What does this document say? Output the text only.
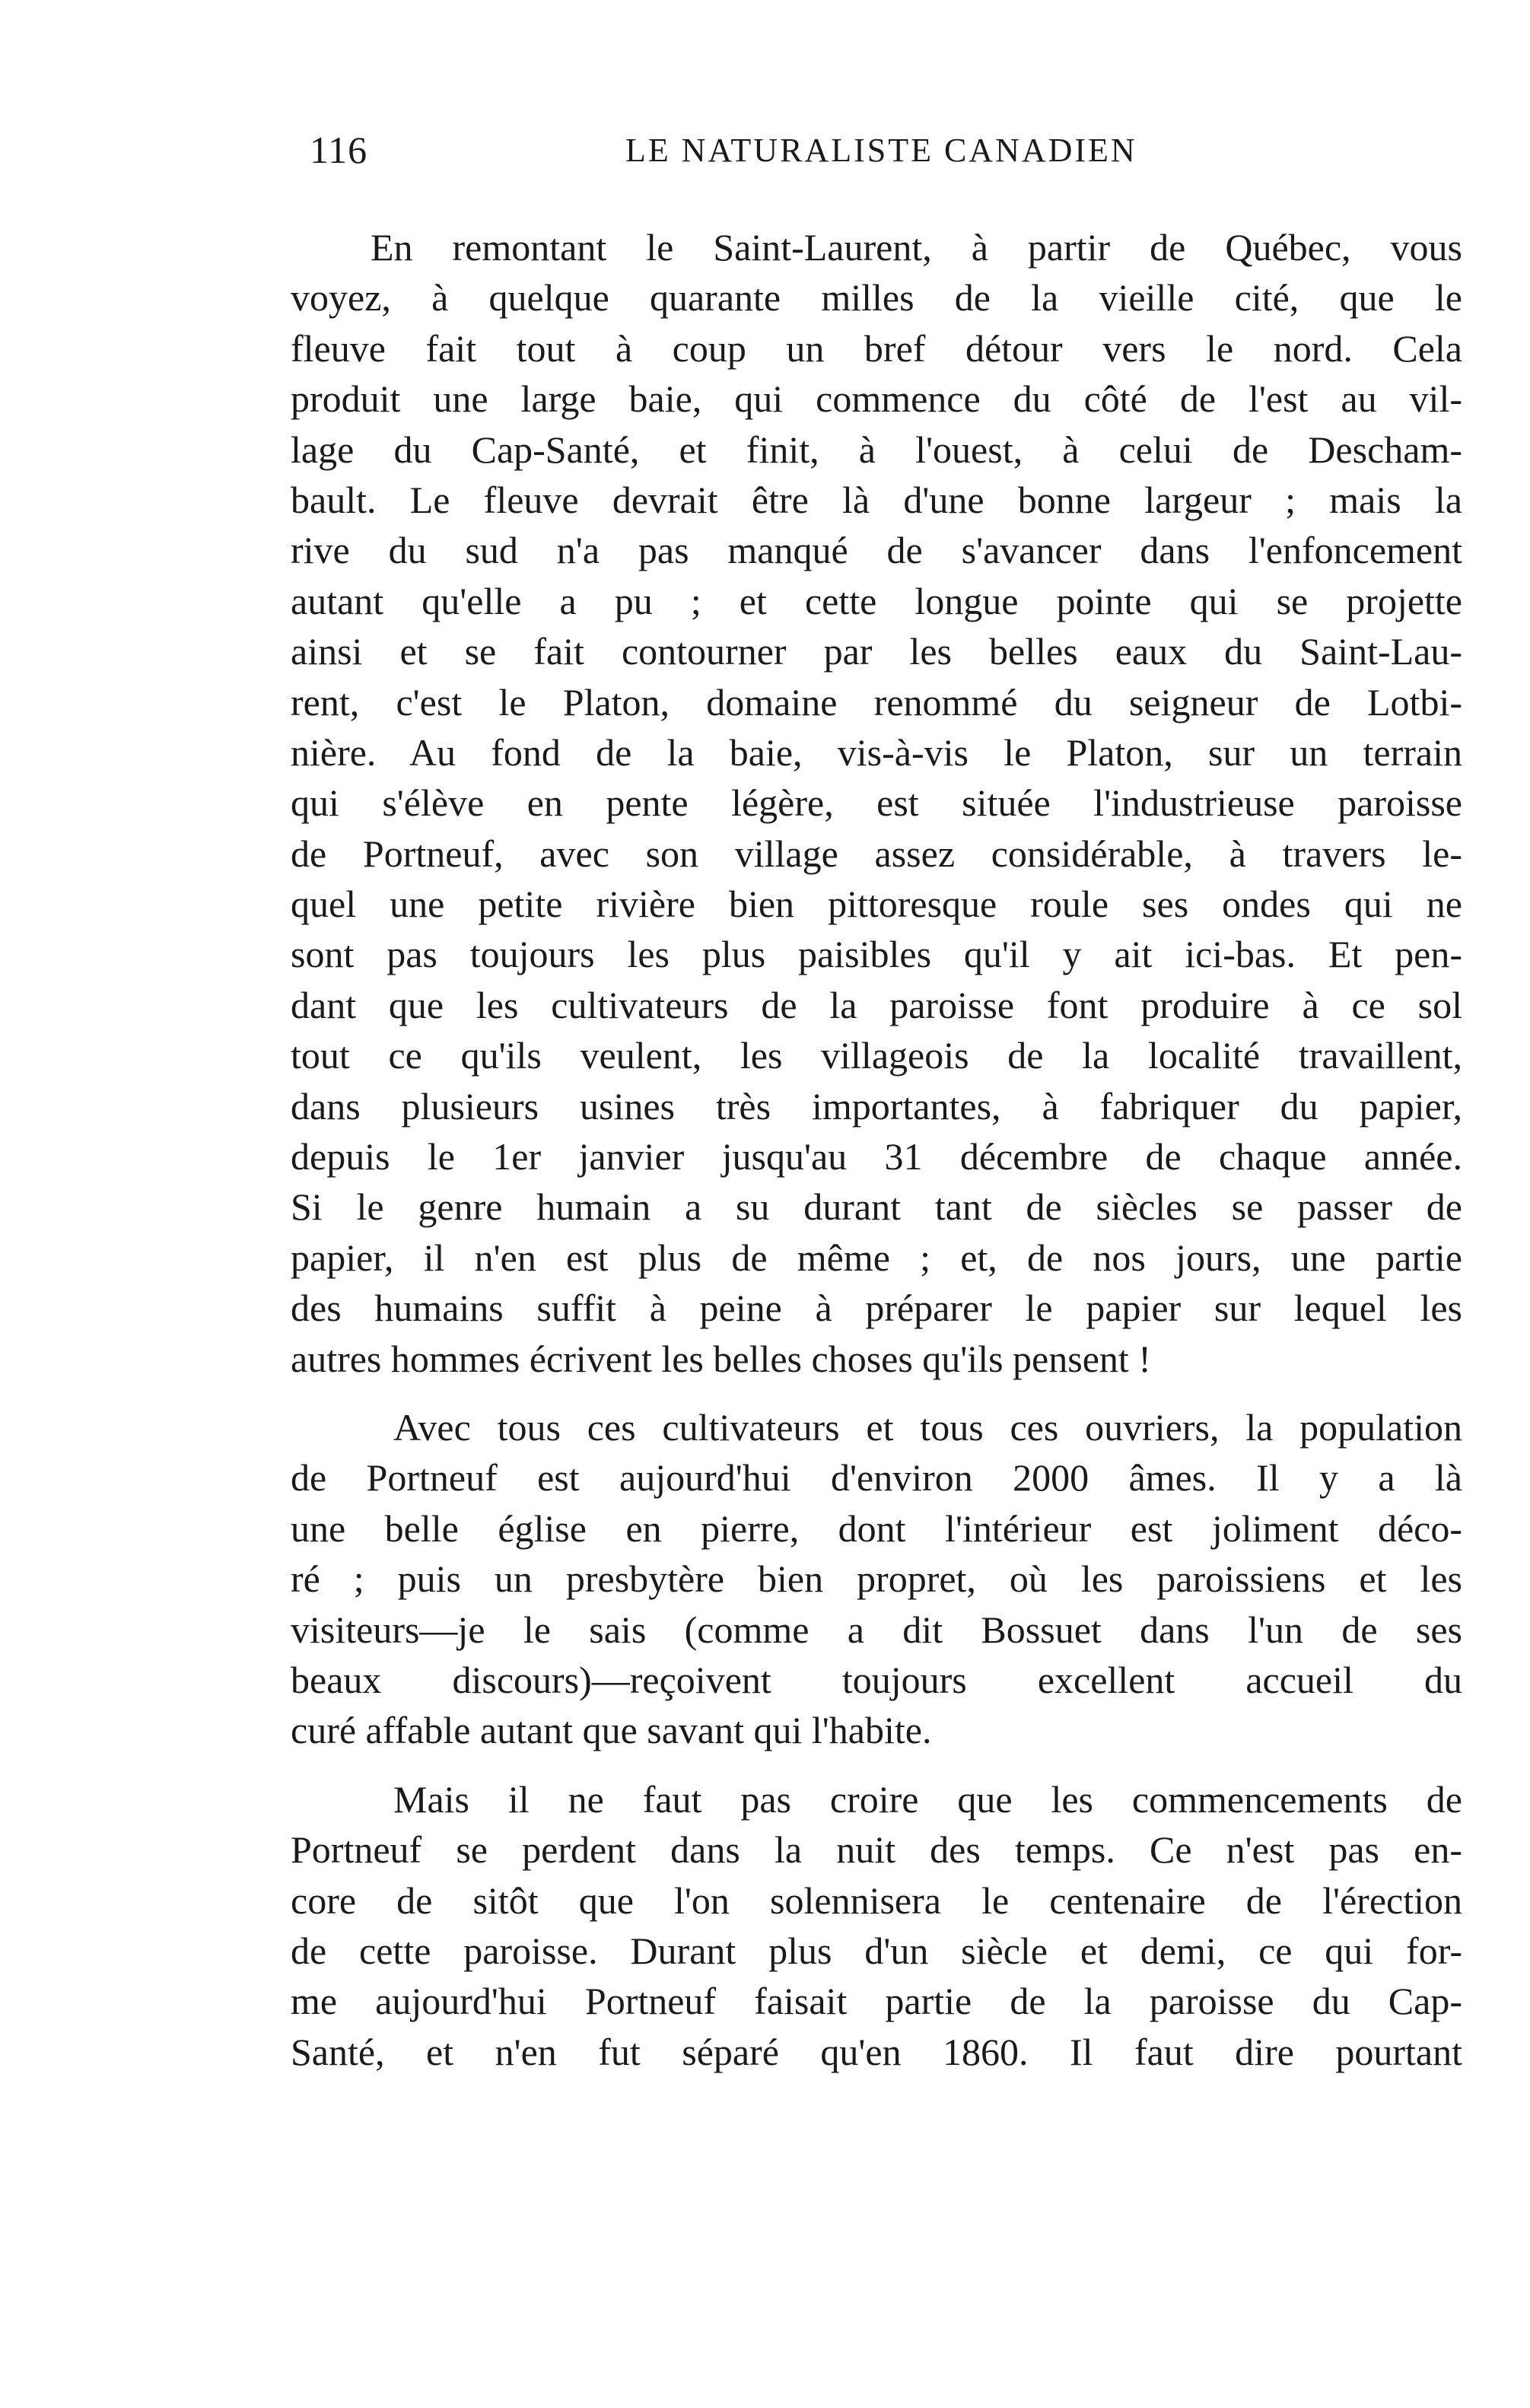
116	LE NATURALISTE CANADIEN
En remontant le Saint-Laurent, à partir de Québec, vous
voyez, à quelque quarante milles de la vieille cité, que le
fleuve fait tout à coup un bref détour vers le nord. Cela
produit une large baie, qui commence du côté de l'est au vil-
lage du Cap-Santé, et finit, à l'ouest, à celui de Descham-
bault. Le fleuve devrait être là d'une bonne largeur ; mais la
rive du sud n'a pas manqué de s'avancer dans l'enfoncement
autant qu'elle a pu ; et cette longue pointe qui se projette
ainsi et se fait contourner par les belles eaux du Saint-Lau-
rent, c'est le Platon, domaine renommé du seigneur de Lotbi-
nière. Au fond de la baie, vis-à-vis le Platon, sur un terrain
qui s'élève en pente légère, est située l'industrieuse paroisse
de Portneuf, avec son village assez considérable, à travers le-
quel une petite rivière bien pittoresque roule ses ondes qui ne
sont pas toujours les plus paisibles qu'il y ait ici-bas. Et pen-
dant que les cultivateurs de la paroisse font produire à ce sol
tout ce qu'ils veulent, les villageois de la localité travaillent,
dans plusieurs usines très importantes, à fabriquer du papier,
depuis le 1er janvier jusqu'au 31 décembre de chaque année.
Si le genre humain a su durant tant de siècles se passer de
papier, il n'en est plus de même ; et, de nos jours, une partie
des humains suffit à peine à préparer le papier sur lequel les
autres hommes écrivent les belles choses qu'ils pensent !
Avec tous ces cultivateurs et tous ces ouvriers, la population
de Portneuf est aujourd'hui d'environ 2000 âmes. Il y a là
une belle église en pierre, dont l'intérieur est joliment déco-
ré ; puis un presbytère bien propret, où les paroissiens et les
visiteurs—je le sais (comme a dit Bossuet dans l'un de ses
beaux discours)—reçoivent toujours excellent accueil du
curé affable autant que savant qui l'habite.
Mais il ne faut pas croire que les commencements de
Portneuf se perdent dans la nuit des temps. Ce n'est pas en-
core de sitôt que l'on solennisera le centenaire de l'érection
de cette paroisse. Durant plus d'un siècle et demi, ce qui for-
me aujourd'hui Portneuf faisait partie de la paroisse du Cap-
Santé, et n'en fut séparé qu'en 1860. Il faut dire pourtant
